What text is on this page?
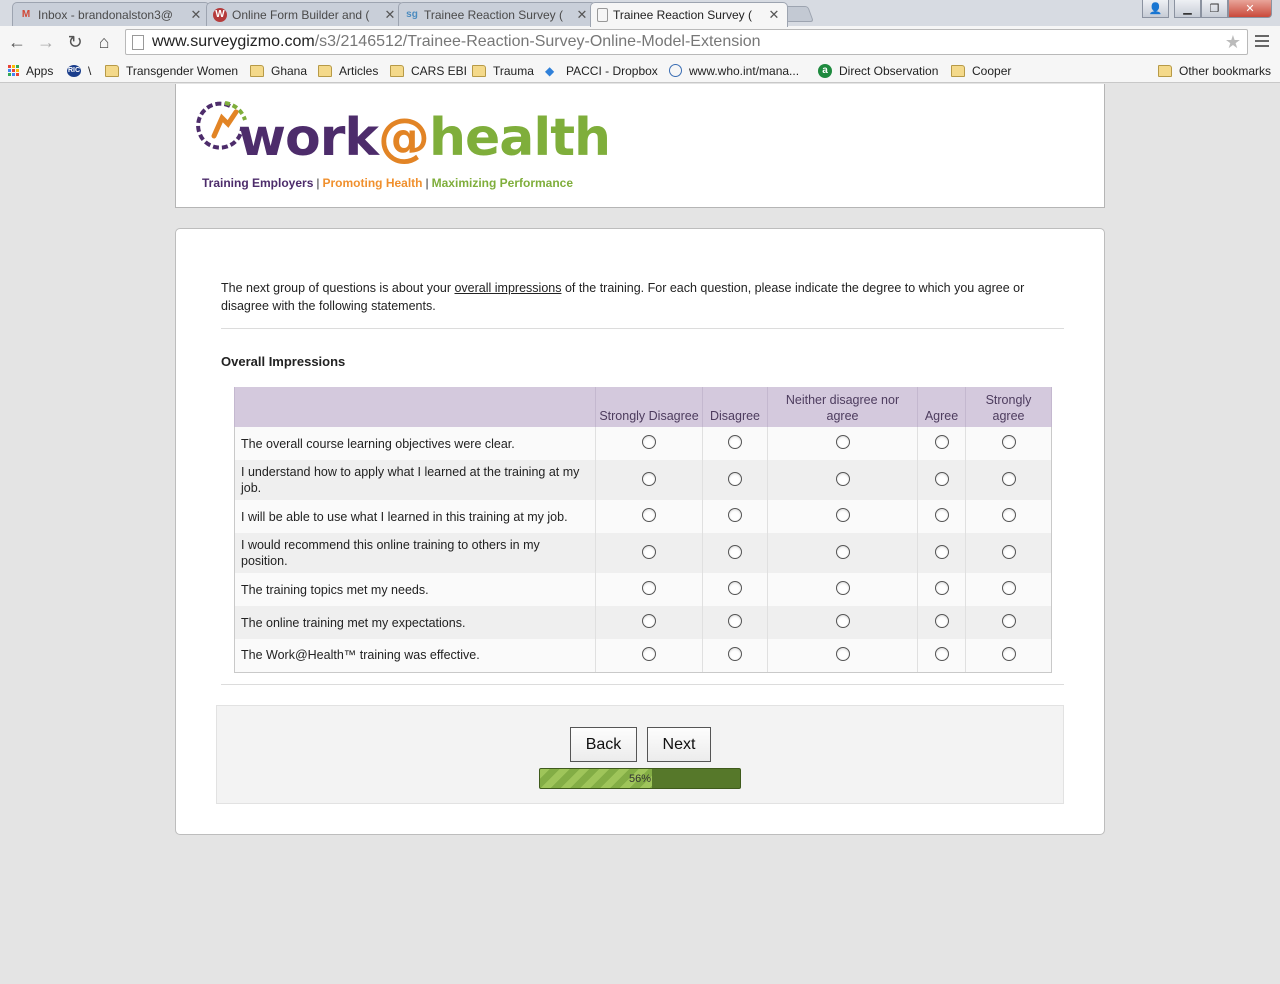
M Inbox - brandonalston3@	✕ W Online Form Builder and (	✕ sg Trainee Reaction Survey (	✕ Trainee Reaction Survey (	✕	👤	▁	❐	✕
← → ↻ ⌂	www.surveygizmo.com /s3/2146512/Trainee-Reaction-Survey-Online-Model-Extension	★
Apps RIC \	Transgender Women	Ghana	Articles	CARS EBI Trauma ◆ PACCI - Dropbox	www.who.int/mana...	a Direct Observation	Cooper	Other bookmarks
work@health
Training Employers | Promoting Health | Maximizing Performance

The next group of questions is about your overall impressions of the training. For each question, please indicate the degree to which you agree or disagree with the following statements.

Overall Impressions
	Strongly Disagree	Disagree	Neither disagree nor agree	Agree	Strongly agree
The overall course learning objectives were clear.					
I understand how to apply what I learned at the training at my job.					
I will be able to use what I learned in this training at my job.					
I would recommend this online training to others in my position.					
The training topics met my needs.					
The online training met my expectations.					
The Work@Health™ training was effective.					
Back	Next
56%
